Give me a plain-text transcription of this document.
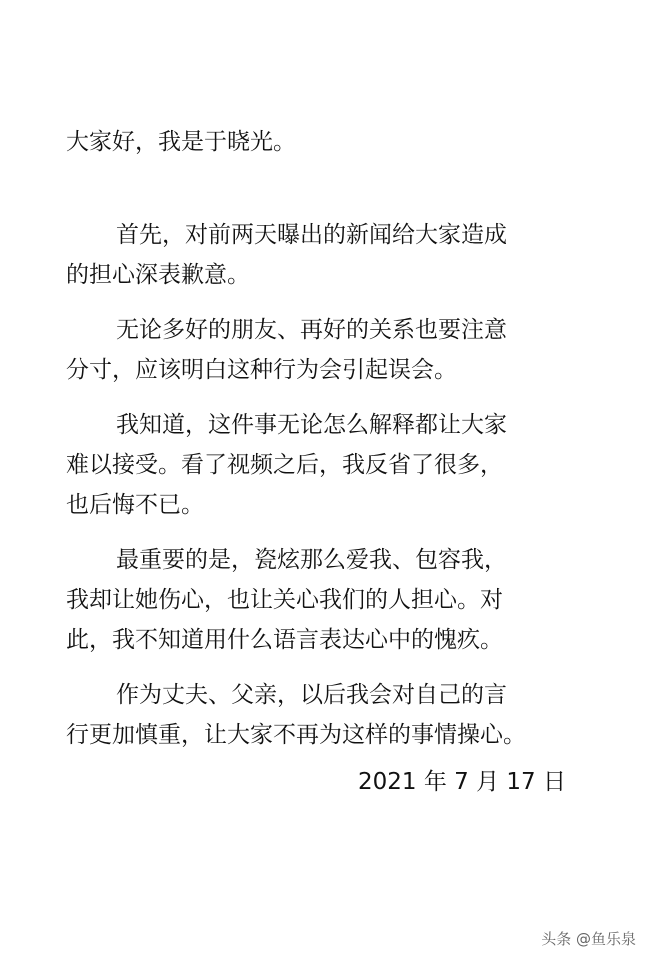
大家好，我是于晓光。
首先，对前两天曝出的新闻给大家造成
的担心深表歉意。
无论多好的朋友、再好的关系也要注意
分寸，应该明白这种行为会引起误会。
我知道，这件事无论怎么解释都让大家
难以接受。看了视频之后，我反省了很多，
也后悔不已。
最重要的是，瓷炫那么爱我、包容我，
我却让她伤心，也让关心我们的人担心。对
此，我不知道用什么语言表达心中的愧疚。
作为丈夫、父亲，以后我会对自己的言
行更加慎重，让大家不再为这样的事情操心。
2021 年 7 月 17 日
头条 @鱼乐泉
